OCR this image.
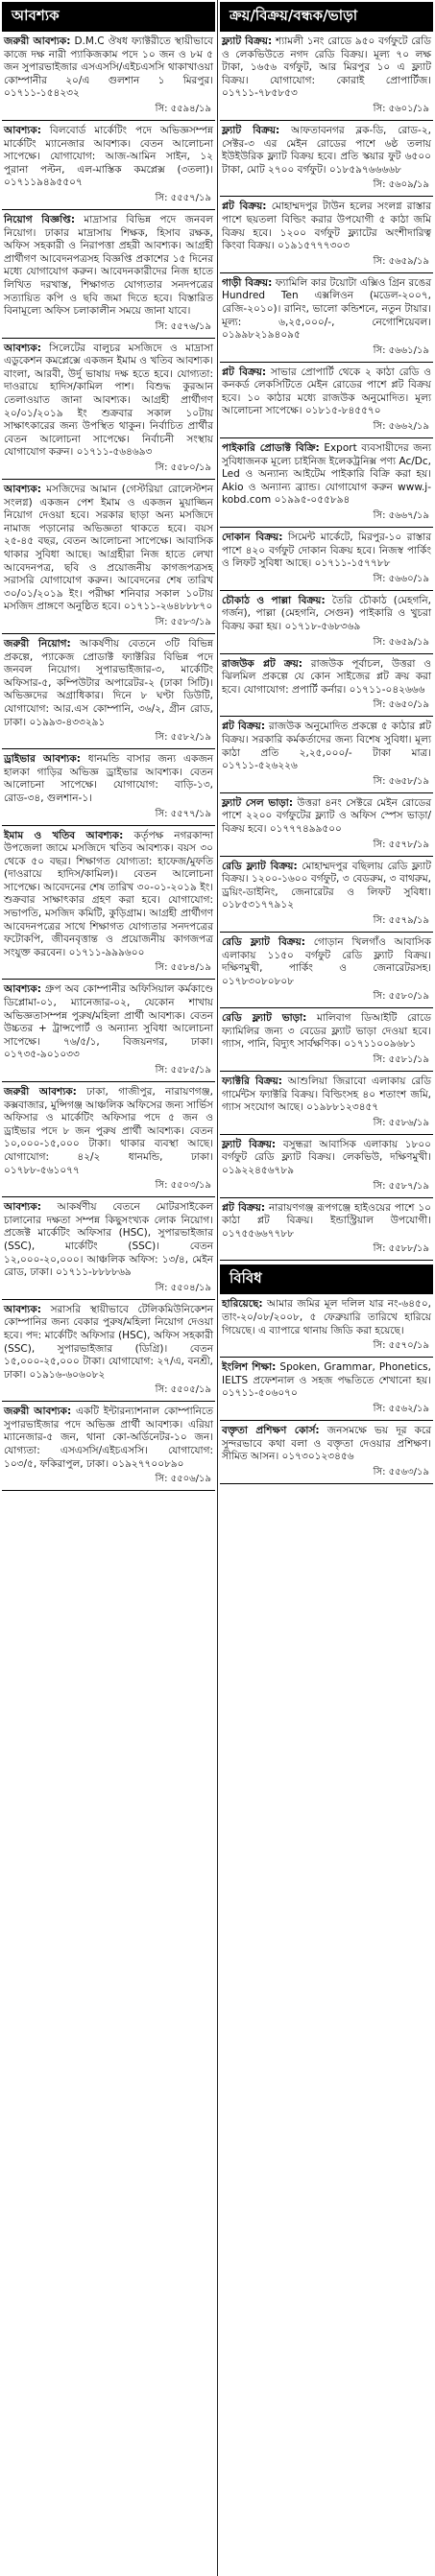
আবশ্যক
জরুরী আবশ্যক: D.M.C ঔষধ ফ্যাক্টরীতে স্থায়ীভাবে কাজে দক্ষ নারী প্যাকিজকাম পদে ১০ জন ও ৮ম ৫ জন সুপারভাইজার এসএসসি/এইচএসসি থাকাখাওয়া কোম্পানীর ২০/এ গুলশান ১ মিরপুর। ০১৭১১-১৫৪২৩২
সি: ৫৫৯৪/১৯
আবশ্যক: বিলবোর্ড মার্কেটিং পদে অভিজ্ঞসম্পন্ন মার্কেটিং ম্যানেজার আবশ্যক। বেতন আলোচনা সাপেক্ষে। যোগাযোগ: আজ-আমিন সাইন, ১২ পুরানা পল্টন, এল-মাস্তিক কমপ্লেক্স (৩তলা)। ০১৭১১৯৪৯৫৫০৭
সি: ৫৫৫৭/১৯
নিয়োগ বিজ্ঞপ্তি: মাদ্রাসার বিভিন্ন পদে জনবল নিয়োগ। ঢাকার মাদ্রাসায় শিক্ষক, হিসাব রক্ষক, অফিস সহকারী ও নিরাপত্তা প্রহরী আবশ্যক। আগ্রহী প্রার্থীগণ আবেদনপত্রসহ বিজ্ঞপ্তি প্রকাশের ১৫ দিনের মধ্যে যোগাযোগ করুন। আবেদনকারীদের নিজ হাতে লিখিত দরখাস্ত, শিক্ষাগত যোগ্যতার সনদপত্রের সত্যায়িত কপি ও ছবি জমা দিতে হবে। বিস্তারিত বিনামূল্যে অফিস চলাকালীন সময়ে জানা যাবে।
সি: ৫৫৭৬/১৯
আবশ্যক: সিলেটের বালুচর মসজিদে ও মাদ্রাসা এডুকেশন কমপ্লেক্সে একজন ইমাম ও খতিব আবশ্যক। বাংলা, আরবী, উর্দু ভাষায় দক্ষ হতে হবে। যোগ্যতা: দাওরায়ে হাদিস/কামিল পাশ। বিশুদ্ধ কুরআন তেলাওয়াত জানা আবশ্যক। আগ্রহী প্রার্থীগণ ২০/০১/২০১৯ ইং শুক্রবার সকাল ১০টায় সাক্ষাৎকারের জন্য উপস্থিত থাকুন। নির্বাচিত প্রার্থীর বেতন আলোচনা সাপেক্ষে। নির্বাচনী সংস্থায় যোগাযোগ করুন। ০১৭১১-৫৬৪৬৯৩
সি: ৫৫৮০/১৯
আবশ্যক: মসজিদের আমান (গেস্টরিয়া রোলেস্টশন সংলগ্ন) একজন পেশ ইমাম ও একজন মুয়াজ্জিন নিয়োগ দেওয়া হবে। সরকার ছাড়া অন্য মসজিদে নামাজ পড়ানোর অভিজ্ঞতা থাকতে হবে। বয়স ২৫-৪৫ বছর, বেতন আলোচনা সাপেক্ষে। আবাসিক থাকার সুবিধা আছে। আগ্রহীরা নিজ হাতে লেখা আবেদনপত্র, ছবি ও প্রয়োজনীয় কাগজপত্রসহ সরাসরি যোগাযোগ করুন। আবেদনের শেষ তারিখ ৩০/০১/২০১৯ ইং। পরীক্ষা শনিবার সকাল ১০টায় মসজিদ প্রাঙ্গণে অনুষ্ঠিত হবে। ০১৭১১-২৬৪৮৮৮৭০
সি: ৫৫৮৩/১৯
জরুরী নিয়োগ: আকর্ষণীয় বেতনে ৩টি বিভিন্ন প্রকল্পে, প্যাকেজ প্রোডাক্ট ফ্যাক্টরির বিভিন্ন পদে জনবল নিয়োগ। সুপারভাইজার-৩, মার্কেটিং অফিসার-৫, কম্পিউটার অপারেটর-২ (ঢাকা সিটি)। অভিজ্ঞদের অগ্রাধিকার। দিনে ৮ ঘণ্টা ডিউটি, যোগাযোগ: আর.এস কোম্পানি, ৩৬/২, গ্রীন রোড, ঢাকা। ০১৯৯৩-৪৩৩২৯১
সি: ৫৫৮২/১৯
ড্রাইভার আবশ্যক: ধানমন্ডি বাসার জন্য একজন হালকা গাড়ির অভিজ্ঞ ড্রাইভার আবশ্যক। বেতন আলোচনা সাপেক্ষে। যোগাযোগ: বাড়ি-১৩, রোড-৩৪, গুলশান-১।
সি: ৫৫৭৭/১৯
ইমাম ও খতিব আবশ্যক: কর্তৃপক্ষ নগরকান্দা উপজেলা জামে মসজিদে খতিব আবশ্যক। বয়স ৩০ থেকে ৫০ বছর। শিক্ষাগত যোগ্যতা: হাফেজ/মুফতি (দাওরায়ে হাদিস/কামিল)। বেতন আলোচনা সাপেক্ষে। আবেদনের শেষ তারিখ ৩০-০১-২০১৯ ইং। শুক্রবার সাক্ষাৎকার গ্রহণ করা হবে। যোগাযোগ: সভাপতি, মসজিদ কমিটি, কুড়িগ্রাম। আগ্রহী প্রার্থীগণ আবেদনপত্রের সাথে শিক্ষাগত যোগ্যতার সনদপত্রের ফটোকপি, জীবনবৃত্তান্ত ও প্রয়োজনীয় কাগজপত্র সংযুক্ত করবেন। ০১৭১১-৯৯৯৬০০
সি: ৫৫৮৪/১৯
আবশ্যক: গ্রুপ অব কোম্পানীর অফিসিয়াল কর্মকাণ্ডে ডিপ্লোমা-০১, ম্যানেজার-০২, যেকোন শাখায় অভিজ্ঞতাসম্পন্ন পুরুষ/মহিলা প্রার্থী আবশ্যক। বেতন উচ্চতর + ট্রান্সপোর্ট ও অন্যান্য সুবিধা আলোচনা সাপেক্ষে। ৭৬/৫/১, বিজয়নগর, ঢাকা। ০১৭৩৫-৯০১০৩৩
সি: ৫৫৮৫/১৯
জরুরী আবশ্যক: ঢাকা, গাজীপুর, নারায়ণগঞ্জ, কক্সবাজার, মুন্সিগঞ্জ আঞ্চলিক অফিসের জন্য সার্ভিস অফিসার ও মার্কেটিং অফিসার পদে ৫ জন ও ড্রাইভার পদে ৮ জন পুরুষ প্রার্থী আবশ্যক। বেতন ১০,০০০-১৫,০০০ টাকা। থাকার ব্যবস্থা আছে। যোগাযোগ: ৪২/২ ধানমন্ডি, ঢাকা। ০১৭৮৮-৫৬১০৭৭
সি: ৫৫০৩/১৯
আবশ্যক: আকর্ষণীয় বেতনে মোটরসাইকেল চালানোর দক্ষতা সম্পন্ন কিছুসংখ্যক লোক নিয়োগ। প্রজেক্ট মার্কেটিং অফিসার (HSC), সুপারভাইজার (SSC), মার্কেটিং (SSC)। বেতন ১২,০০০-২০,০০০। আঞ্চলিক অফিস: ১৩/৪, মেইন রোড, ঢাকা। ০১৭১১-৮৮৮৮৬৯
সি: ৫৫০৪/১৯
আবশ্যক: সরাসরি স্থায়ীভাবে টেলিকমিউনিকেশন কোম্পানির জন্য বেকার পুরুষ/মহিলা নিয়োগ দেওয়া হবে। পদ: মার্কেটিং অফিসার (HSC), অফিস সহকারী (SSC), সুপারভাইজার (ডিগ্রি)। বেতন ১৫,০০০-২৫,০০০ টাকা। যোগাযোগ: ২৭/এ, বনশ্রী, ঢাকা। ০১৯১৬-৬০৬০৮২
সি: ৫৫০৫/১৯
জরুরী আবশ্যক: একটি ইন্টারন্যাশনাল কোম্পানিতে সুপারভাইজার পদে অভিজ্ঞ প্রার্থী আবশ্যক। এরিয়া ম্যানেজার-৫ জন, থানা কো-অর্ডিনেটর-১০ জন। যোগ্যতা: এসএসসি/এইচএসসি। যোগাযোগ: ১০৩/৫, ফকিরাপুল, ঢাকা। ০১৯২৭৭০০৮৯০
সি: ৫৫০৬/১৯
ক্রয়/বিক্রয়/বন্ধক/ভাড়া
ফ্ল্যাট বিক্রয়: শ্যামলী ১নং রোডে ৯৫০ বর্গফুটে রেডি ও লেকভিউতে নগদ রেডি বিক্রয়। মূল্য ৭০ লক্ষ টাকা, ১৬৫৬ বর্গফুট, আর মিরপুর ১০ এ ফ্ল্যাট বিক্রয়। যোগাযোগ: কোরাই প্রোপার্টিজ। ০১৭১১-৭৮৫৮৫৩
সি: ৫৬০১/১৯
ফ্ল্যাট বিক্রয়: আফতাবনগর ব্লক-ডি, রোড-২, সেক্টর-৩ এর মেইন রোডের পাশে ৬ষ্ঠ তলায় ইউইউরিক ফ্ল্যাট বিক্রয় হবে। প্রতি স্কয়ার ফুট ৬৫০০ টাকা, মোট ২৭০০ বর্গফুট। ০১৮৫৯৭৬৬৬৬৮
সি: ৫৬০৯/১৯
প্লট বিক্রয়: মোহাম্মদপুর টাউন হলের সংলগ্ন রাস্তার পাশে ছয়তলা বিল্ডিং করার উপযোগী ৫ কাঠা জমি বিক্রয় হবে। ১২০০ বর্গফুট ফ্ল্যাটের অংশীদারিত্ব কিংবা বিক্রয়। ০১৯১৫৭৭৭৩০৩
সি: ৫৬৫৯/১৯
গাড়ী বিক্রয়: ফ্যামিলি কার টয়োটা এক্সিও গ্রিন রঙের Hundred Ten এক্সলিওন (মডেল-২০০৭, রেজি-২০১০)। রানিং, ভালো কন্ডিশনে, নতুন টায়ার। মূল্য: ৬,২৫,০০০/-, নেগোশিয়েবল। ০১৯৯৮২১৯৪০৯৫
সি: ৫৬৬১/১৯
প্লট বিক্রয়: সাভার প্রোপার্টি থেকে ২ কাঠা রেডি ও কনকর্ড লেকসিটিতে মেইন রোডের পাশে প্লট বিক্রয় হবে। ১০ কাঠার মধ্যে রাজউক অনুমোদিত। মূল্য আলোচনা সাপেক্ষে। ০১৮১৫-৮৪৫৫৭০
সি: ৫৬৬২/১৯
পাইকারি প্রোডাক্ট বিক্রি: Export ব্যবসায়ীদের জন্য সুবিধাজনক মূল্যে চাইনিজ ইলেকট্রনিক্স পণ্য Ac/Dc, Led ও অন্যান্য আইটেম পাইকারি বিক্রি করা হয়। Akio ও অন্যান্য ব্র্যান্ড। যোগাযোগ করুন www.j-kobd.com ০১৯৯৫-০৫৫৮৯৪
সি: ৫৬৬৭/১৯
দোকান বিক্রয়: সিমেন্ট মার্কেটে, মিরপুর-১০ রাস্তার পাশে ৪২০ বর্গফুট দোকান বিক্রয় হবে। নিজস্ব পার্কিং ও লিফট সুবিধা আছে। ০১৭১১-১৫৭৭৮৮
সি: ৫৬৬০/১৯
চৌকাঠ ও পাল্লা বিক্রয়: তৈরি চৌকাঠ (মেহগনি, গর্জন), পাল্লা (মেহগনি, সেগুন) পাইকারি ও খুচরা বিক্রয় করা হয়। ০১৭১৮-৫৬৮৩৬৯
সি: ৫৬৫৯/১৯
রাজউক প্লট ক্রয়: রাজউক পূর্বাচল, উত্তরা ও ঝিলমিল প্রকল্পে যে কোন সাইজের প্লট ক্রয় করা হবে। যোগাযোগ: প্রপার্টি কর্নার। ০১৭১১-০৪২৬৬৬
সি: ৫৬৫০/১৯
প্লট বিক্রয়: রাজউক অনুমোদিত প্রকল্পে ৫ কাঠার প্লট বিক্রয়। সরকারি কর্মকর্তাদের জন্য বিশেষ সুবিধা। মূল্য কাঠা প্রতি ২,২৫,০০০/- টাকা মাত্র। ০১৭১১-৫২৬২২৬
সি: ৫৬৫৮/১৯
ফ্ল্যাট সেল ভাড়া: উত্তরা ৪নং সেক্টরে মেইন রোডের পাশে ২২০০ বর্গফুটের ফ্ল্যাট ও অফিস স্পেস ভাড়া/বিক্রয় হবে। ০১৭৭৭৪৯৯৫০০
সি: ৫৫৭৮/১৯
রেডি ফ্ল্যাট বিক্রয়: মোহাম্মদপুর বছিলায় রেডি ফ্ল্যাট বিক্রয়। ১২০০-১৬০০ বর্গফুট, ৩ বেডরুম, ৩ বাথরুম, ড্রয়িং-ডাইনিং, জেনারেটর ও লিফট সুবিধা। ০১৮৫৩১৭৭৯১২
সি: ৫৫৭৯/১৯
রেডি ফ্ল্যাট বিক্রয়: গোড়ান খিলগাঁও আবাসিক এলাকায় ১১৫০ বর্গফুট রেডি ফ্ল্যাট বিক্রয়। দক্ষিণমুখী, পার্কিং ও জেনারেটরসহ। ০১৭৮৩০৮০৮০৮
সি: ৫৫৮০/১৯
রেডি ফ্ল্যাট ভাড়া: মালিবাগ ডিআইটি রোডে ফ্যামিলির জন্য ৩ বেডের ফ্ল্যাট ভাড়া দেওয়া হবে। গ্যাস, পানি, বিদ্যুৎ সার্বক্ষণিক। ০১৭১১০০৯৬৮১
সি: ৫৫৮১/১৯
ফ্যাক্টরি বিক্রয়: আশুলিয়া জিরাবো এলাকায় রেডি গার্মেন্টস ফ্যাক্টরি বিক্রয়। বিল্ডিংসহ ৪০ শতাংশ জমি, গ্যাস সংযোগ আছে। ০১৯৮৮১২৩৪৫৭
সি: ৫৫৮৬/১৯
ফ্ল্যাট বিক্রয়: বসুন্ধরা আবাসিক এলাকায় ১৮০০ বর্গফুট রেডি ফ্ল্যাট বিক্রয়। লেকভিউ, দক্ষিণমুখী। ০১৯২২৪৫৬৭৮৯
সি: ৫৫৮৭/১৯
প্লট বিক্রয়: নারায়ণগঞ্জ রূপগঞ্জে হাইওয়ের পাশে ১০ কাঠা প্লট বিক্রয়। ইন্ডাস্ট্রিয়াল উপযোগী। ০১৭৫৫৬৬৭৭৮৮
সি: ৫৫৮৮/১৯
বিবিধ
হারিয়েছে: আমার জমির মূল দলিল যার নং-৬৪৫০, তাং-২০/০৮/২০০৮, ৫ ফেব্রুয়ারি তারিখে হারিয়ে গিয়েছে। এ ব্যাপারে থানায় জিডি করা হয়েছে।
সি: ৫৫৭০/১৯
ইংলিশ শিক্ষা: Spoken, Grammar, Phonetics, IELTS প্রফেশনাল ও সহজ পদ্ধতিতে শেখানো হয়। ০১৭১১-৫০৬০৭০
সি: ৫৫৬২/১৯
বক্তৃতা প্রশিক্ষণ কোর্স: জনসমক্ষে ভয় দূর করে সুন্দরভাবে কথা বলা ও বক্তৃতা দেওয়ার প্রশিক্ষণ। সীমিত আসন। ০১৭৩০১২৩৪৫৬
সি: ৫৫৬৩/১৯
